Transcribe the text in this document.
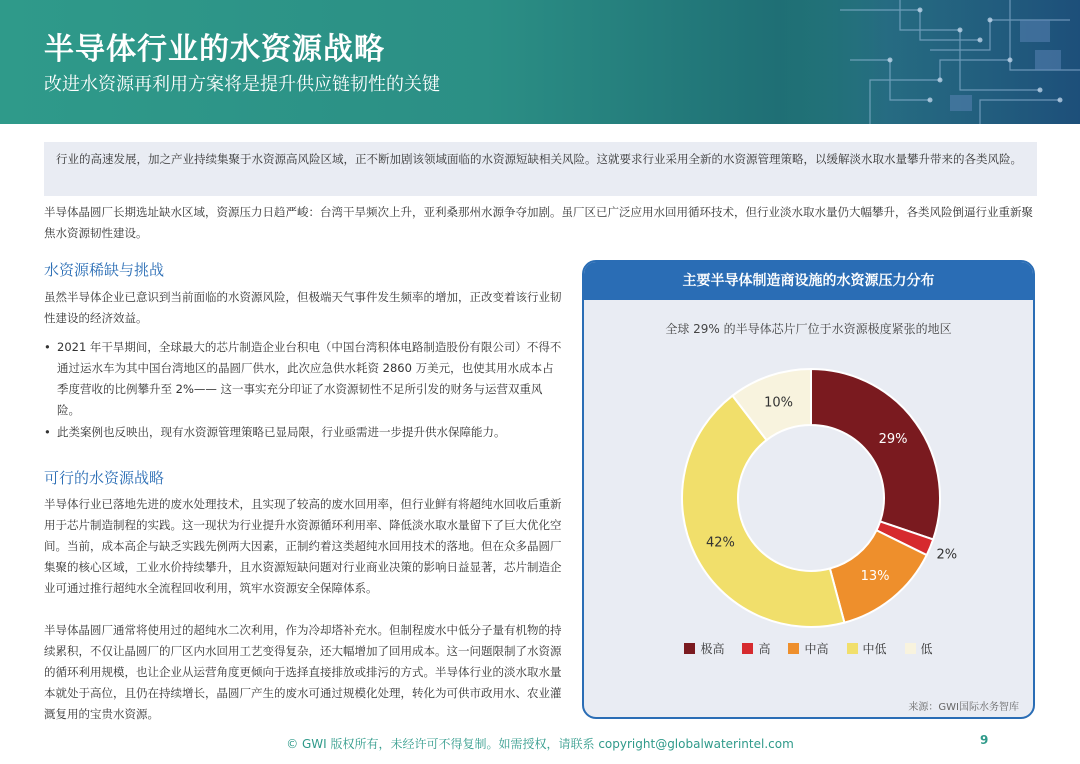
半导体行业的水资源战略
改进水资源再利用方案将是提升供应链韧性的关键
行业的高速发展，加之产业持续集聚于水资源高风险区域，正不断加剧该领域面临的水资源短缺相关风险。这就要求行业采用全新的水资源管理策略，以缓解淡水取水量攀升带来的各类风险。
半导体晶圆厂长期选址缺水区域，资源压力日趋严峻：台湾干旱频次上升，亚利桑那州水源争夺加剧。虽厂区已广泛应用水回用循环技术，但行业淡水取水量仍大幅攀升，各类风险倒逼行业重新聚焦水资源韧性建设。
水资源稀缺与挑战
虽然半导体企业已意识到当前面临的水资源风险，但极端天气事件发生频率的增加，正改变着该行业韧性建设的经济效益。
• 2021 年干旱期间，全球最大的芯片制造企业台积电（中国台湾积体电路制造股份有限公司）不得不通过运水车为其中国台湾地区的晶圆厂供水，此次应急供水耗资 2860 万美元，也使其用水成本占季度营收的比例攀升至 2%—— 这一事实充分印证了水资源韧性不足所引发的财务与运营双重风险。
• 此类案例也反映出，现有水资源管理策略已显局限，行业亟需进一步提升供水保障能力。
可行的水资源战略
半导体行业已落地先进的废水处理技术，且实现了较高的废水回用率，但行业鲜有将超纯水回收后重新用于芯片制造制程的实践。这一现状为行业提升水资源循环利用率、降低淡水取水量留下了巨大优化空间。当前，成本高企与缺乏实践先例两大因素，正制约着这类超纯水回用技术的落地。但在众多晶圆厂集聚的核心区域，工业水价持续攀升，且水资源短缺问题对行业商业决策的影响日益显著，芯片制造企业可通过推行超纯水全流程回收利用，筑牢水资源安全保障体系。
半导体晶圆厂通常将使用过的超纯水二次利用，作为冷却塔补充水。但制程废水中低分子量有机物的持续累积，不仅让晶圆厂的厂区内水回用工艺变得复杂，还大幅增加了回用成本。这一问题限制了水资源的循环利用规模，也让企业从运营角度更倾向于选择直接排放或排污的方式。半导体行业的淡水取水量本就处于高位，且仍在持续增长，晶圆厂产生的废水可通过规模化处理，转化为可供市政用水、农业灌溉复用的宝贵水资源。
主要半导体制造商设施的水资源压力分布
全球 29% 的半导体芯片厂位于水资源极度紧张的地区
29%
2%
13%
42%
10%
极高	高	中高	中低	低
来源：GWI国际水务智库
© GWI 版权所有，未经许可不得复制。如需授权，请联系 copyright@globalwaterintel.com	9
